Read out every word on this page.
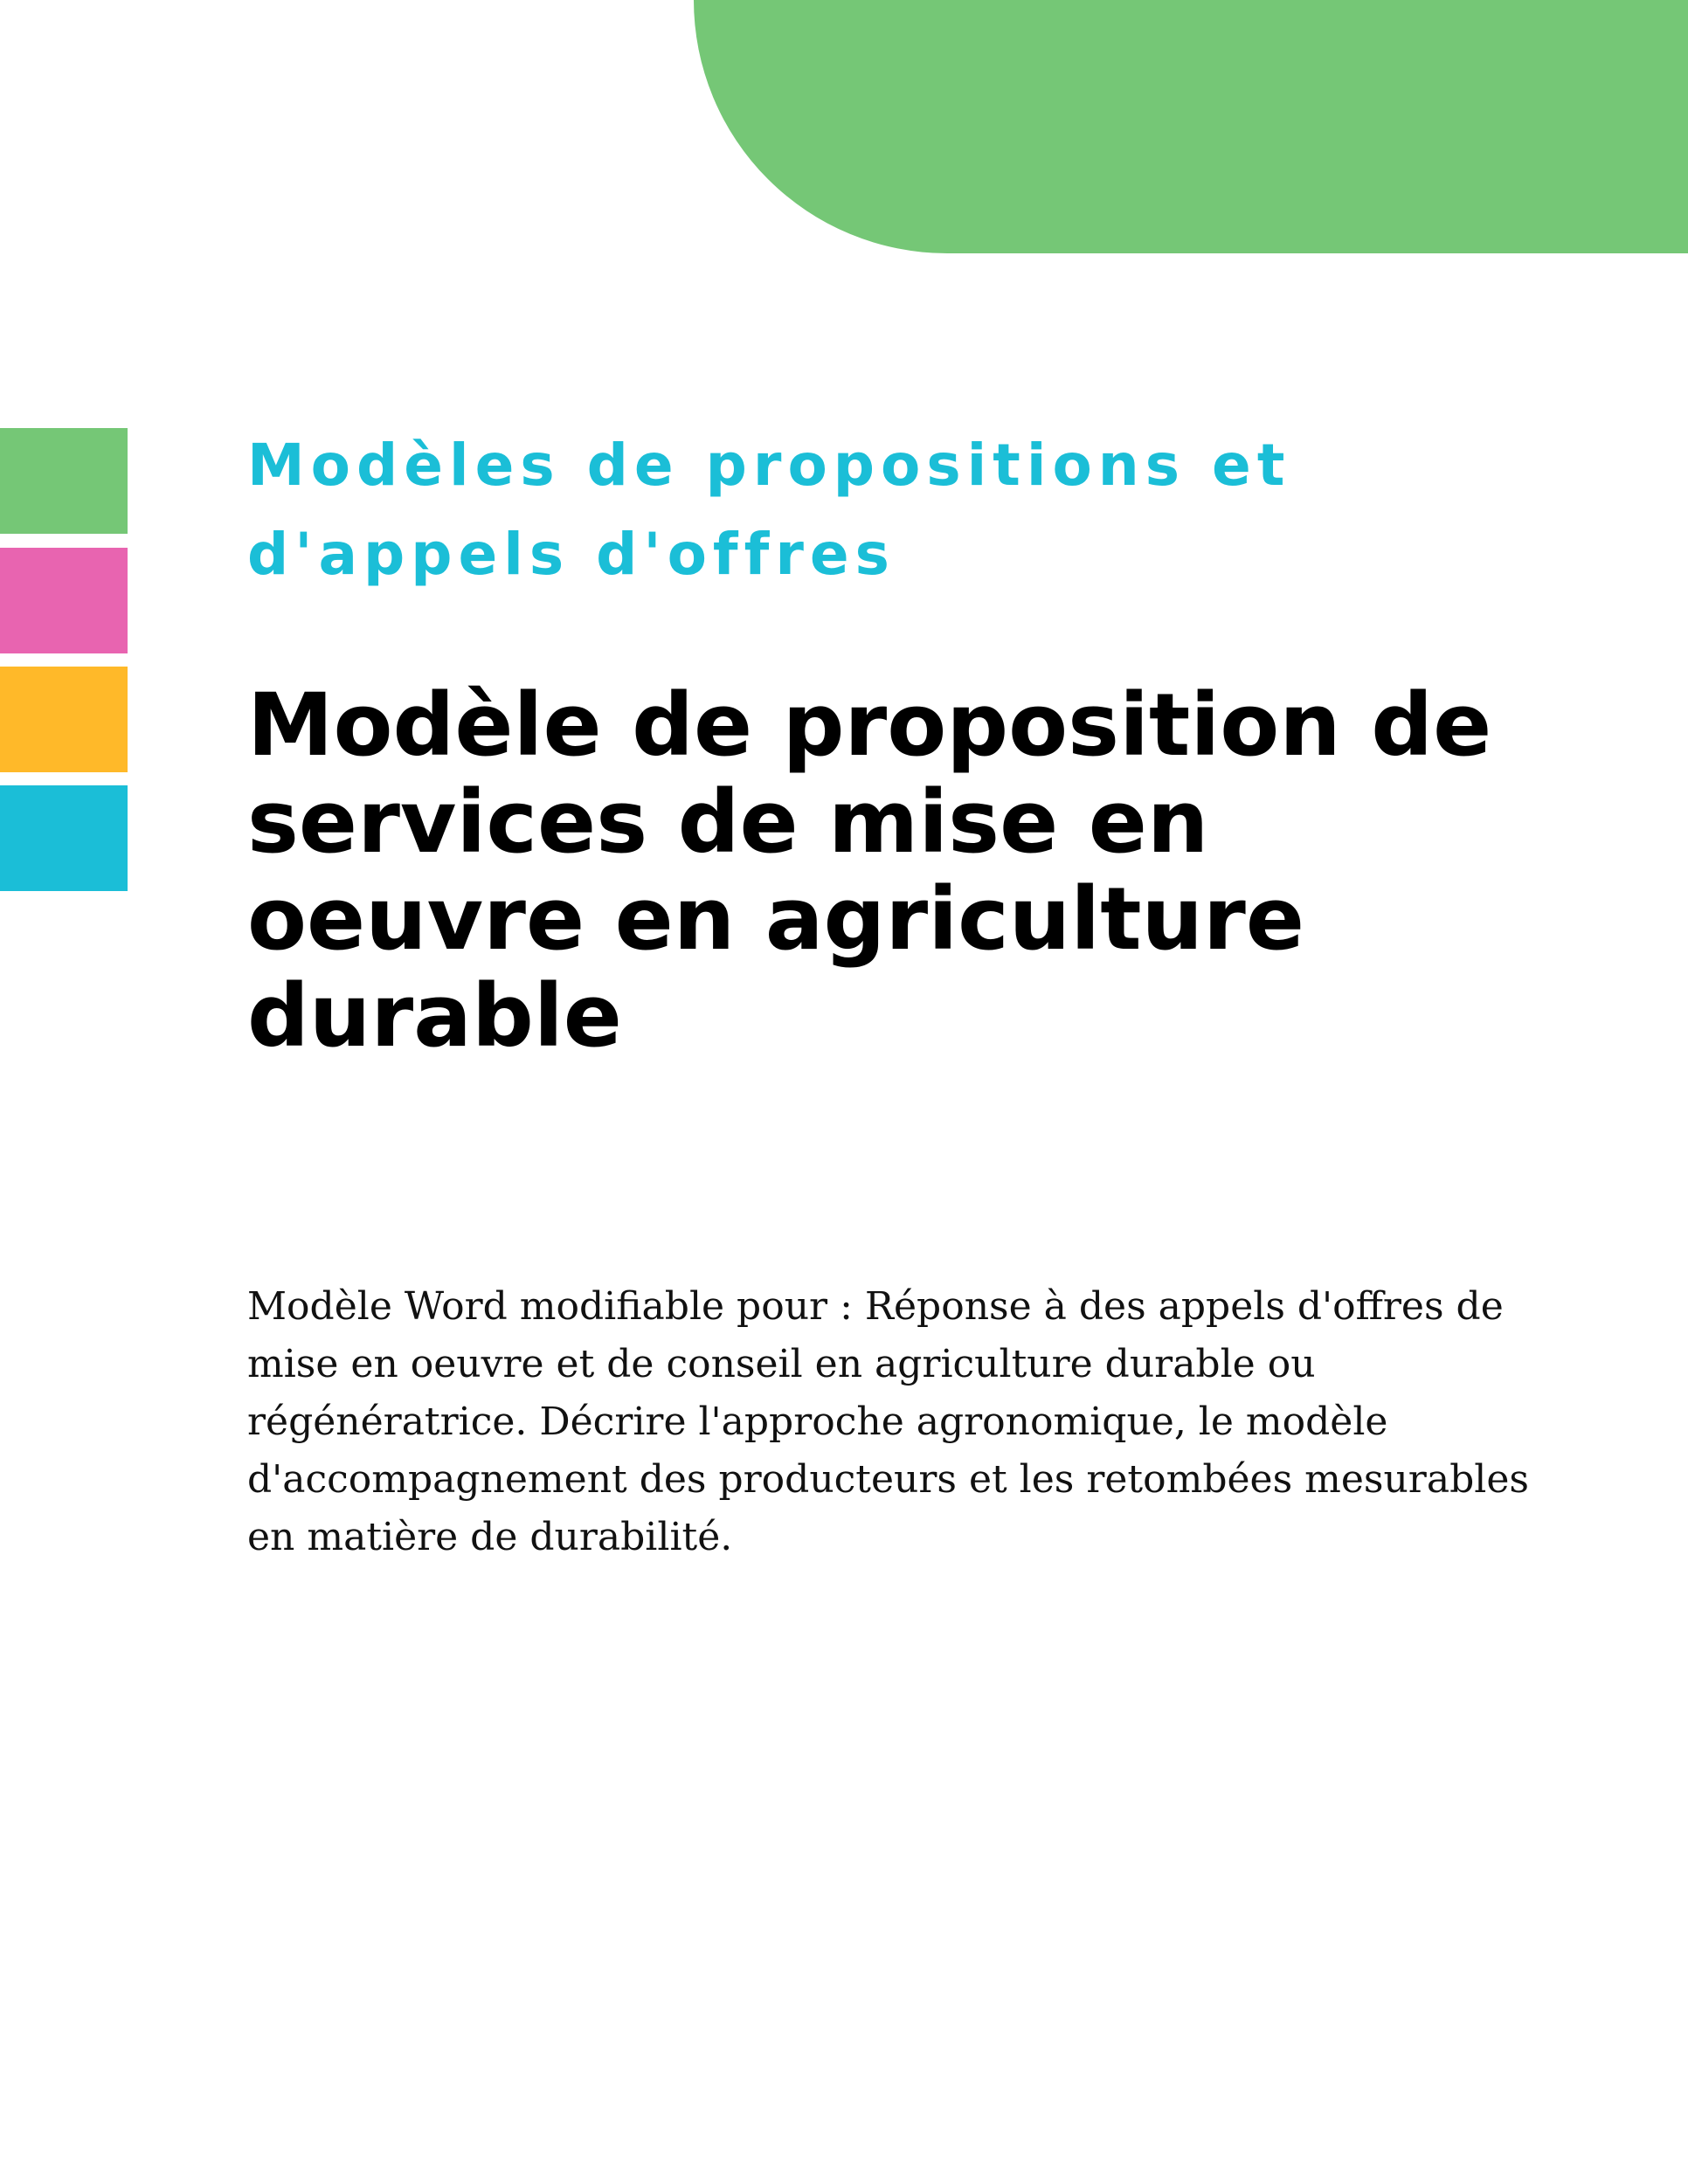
Modèles de propositions et d'appels d'offres

Modèle de proposition de services de mise en oeuvre en agriculture durable

Modèle Word modifiable pour : Réponse à des appels d'offres de mise en oeuvre et de conseil en agriculture durable ou régénératrice. Décrire l'approche agronomique, le modèle d'accompagnement des producteurs et les retombées mesurables en matière de durabilité.
